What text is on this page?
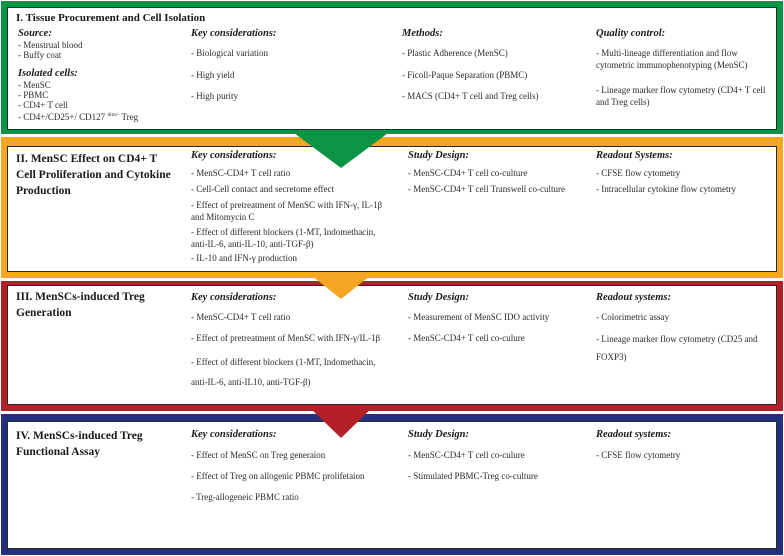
I. Tissue Procurement and Cell Isolation
Source:
- Menstrual blood
- Buffy coat
Isolated cells:
- MenSC
- PBMC
- CD4+ T cell
- CD4+/CD25+/ CD127 $^{dim/-}$ Treg
Key considerations:
- Biological variation
- High yield
- High purity
Methods:
- Plastic Adherence (MenSC)
- Ficoll-Paque Separation (PBMC)
- MACS (CD4+ T cell and Treg cells)
Quality control:
- Multi-lineage differentiation and flow cytometric immunophenotyping (MenSC)
- Lineage marker flow cytometry (CD4+ T cell and Treg cells)
II. MenSC Effect on CD4+ T Cell Proliferation and Cytokine Production
Key considerations:
- MenSC-CD4+ T cell ratio
- Cell-Cell contact and secretome effect
- Effect of pretreatment of MenSC with IFN-γ, IL-1β and Mitomycin C
- Effect of different blockers (1-MT, Indomethacin, anti-IL-6, anti-IL-10, anti-TGF-β)
- IL-10 and IFN-γ production
Study Design:
- MenSC-CD4+ T cell co-culture
- MenSC-CD4+ T cell Transwell co-culture
Readout Systems:
- CFSE flow cytometry
- Intracellular cytokine flow cytometry
III. MenSCs-induced Treg Generation
Key considerations:
- MenSC-CD4+ T cell ratio
- Effect of pretreatment of MenSC with IFN-γ/IL-1β
- Effect of different blockers (1-MT, Indomethacin, anti-IL-6, anti-IL10, anti-TGF-β)
Study Design:
- Measurement of MenSC IDO activity
- MenSC-CD4+ T cell co-culure
Readout systems:
- Colorimetric assay
- Lineage marker flow cytometry (CD25 and FOXP3)
IV. MenSCs-induced Treg Functional Assay
Key considerations:
- Effect of MenSC on Treg generaion
- Effect of Treg on allogenic PBMC prolifetaion
- Treg-allogeneic PBMC ratio
Study Design:
- MenSC-CD4+ T cell co-culure
- Stimulated PBMC-Treg co-culture
Readout systems:
- CFSE flow cytometry
